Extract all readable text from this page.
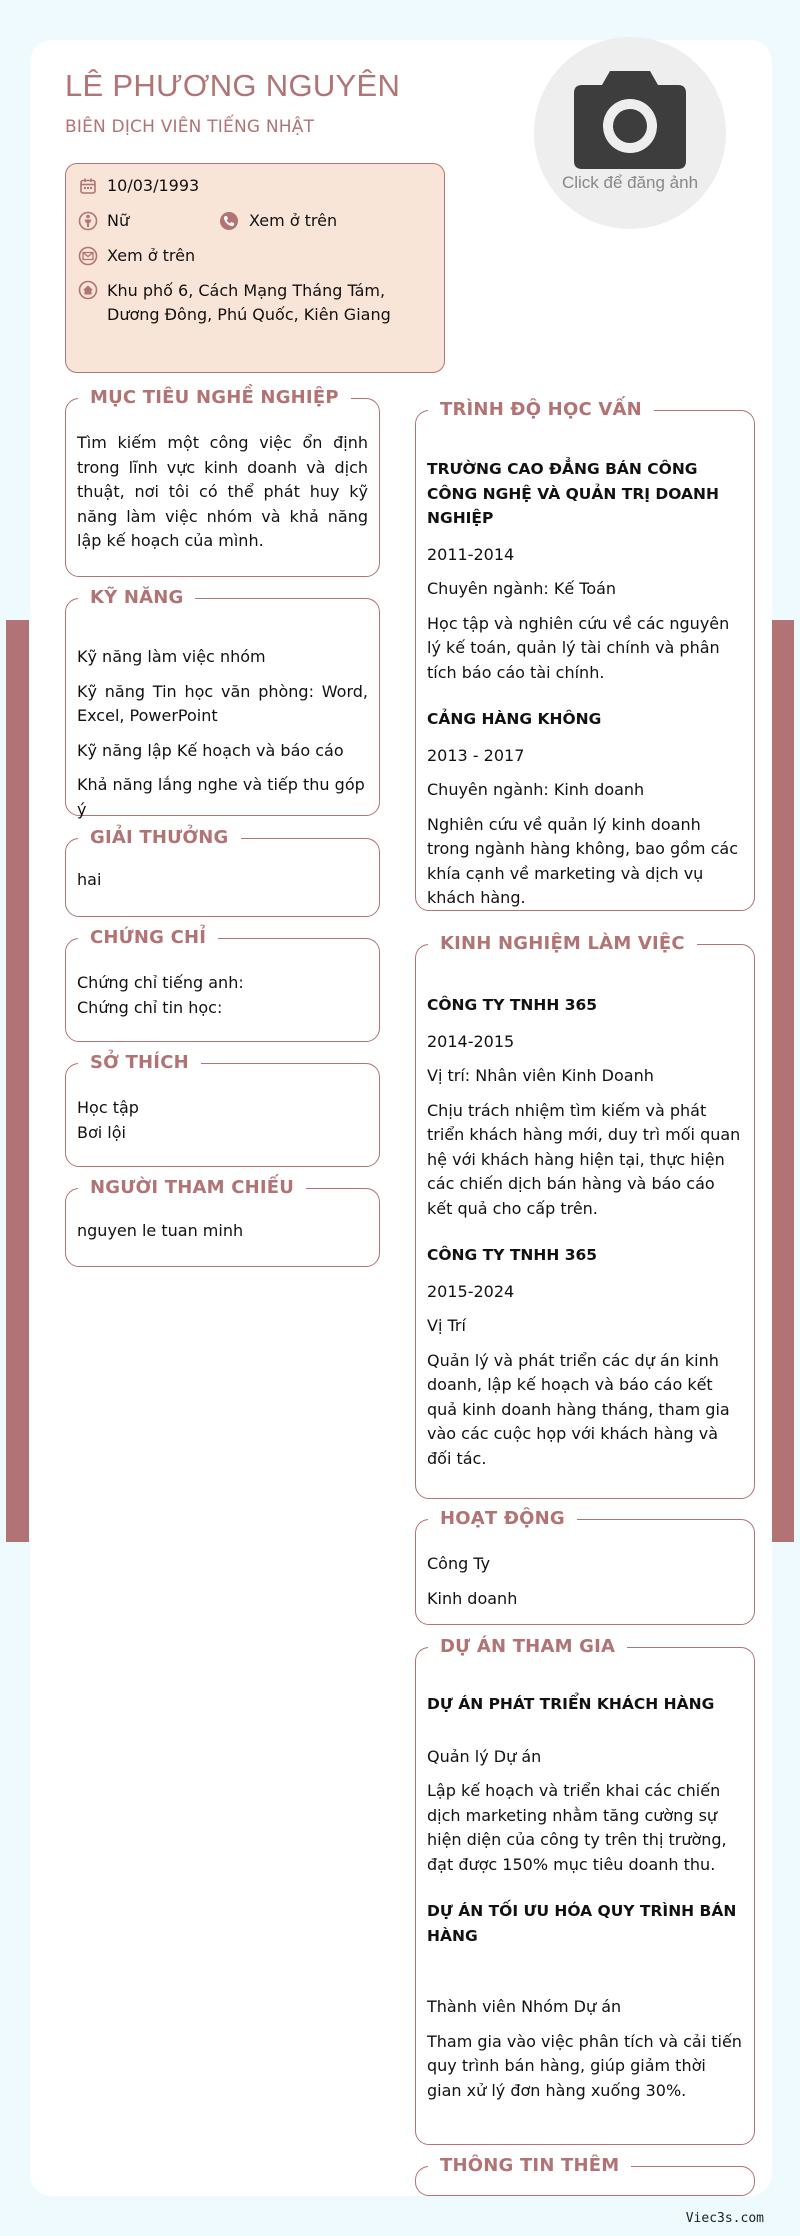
LÊ PHƯƠNG NGUYÊN
BIÊN DỊCH VIÊN TIẾNG NHẬT
Click để đăng ảnh
10/03/1993
Nữ	Xem ở trên
Xem ở trên
Khu phố 6, Cách Mạng Tháng Tám, Dương Đông, Phú Quốc, Kiên Giang
MỤC TIÊU NGHỀ NGHIỆP
Tìm kiếm một công việc ổn định trong lĩnh vực kinh doanh và dịch thuật, nơi tôi có thể phát huy kỹ năng làm việc nhóm và khả năng lập kế hoạch của mình.
KỸ NĂNG

Kỹ năng làm việc nhóm

Kỹ năng Tin học văn phòng: Word, Excel, PowerPoint

Kỹ năng lập Kế hoạch và báo cáo

Khả năng lắng nghe và tiếp thu góp ý

GIẢI THƯỞNG
hai
CHỨNG CHỈ

Chứng chỉ tiếng anh:

Chứng chỉ tin học:

SỞ THÍCH

Học tập

Bơi lội

NGƯỜI THAM CHIẾU
nguyen le tuan minh
TRÌNH ĐỘ HỌC VẤN

TRƯỜNG CAO ĐẲNG BÁN CÔNG CÔNG NGHỆ VÀ QUẢN TRỊ DOANH NGHIỆP

2011-2014

Chuyên ngành: Kế Toán

Học tập và nghiên cứu về các nguyên lý kế toán, quản lý tài chính và phân tích báo cáo tài chính.

CẢNG HÀNG KHÔNG

2013 - 2017

Chuyên ngành: Kinh doanh

Nghiên cứu về quản lý kinh doanh trong ngành hàng không, bao gồm các khía cạnh về marketing và dịch vụ khách hàng.

KINH NGHIỆM LÀM VIỆC

CÔNG TY TNHH 365

2014-2015

Vị trí: Nhân viên Kinh Doanh

Chịu trách nhiệm tìm kiếm và phát triển khách hàng mới, duy trì mối quan hệ với khách hàng hiện tại, thực hiện các chiến dịch bán hàng và báo cáo kết quả cho cấp trên.

CÔNG TY TNHH 365

2015-2024

Vị Trí

Quản lý và phát triển các dự án kinh doanh, lập kế hoạch và báo cáo kết quả kinh doanh hàng tháng, tham gia vào các cuộc họp với khách hàng và đối tác.

HOẠT ĐỘNG

Công Ty

Kinh doanh

DỰ ÁN THAM GIA

DỰ ÁN PHÁT TRIỂN KHÁCH HÀNG

Quản lý Dự án

Lập kế hoạch và triển khai các chiến dịch marketing nhằm tăng cường sự hiện diện của công ty trên thị trường, đạt được 150% mục tiêu doanh thu.

DỰ ÁN TỐI ƯU HÓA QUY TRÌNH BÁN HÀNG

Thành viên Nhóm Dự án

Tham gia vào việc phân tích và cải tiến quy trình bán hàng, giúp giảm thời gian xử lý đơn hàng xuống 30%.

THÔNG TIN THÊM
Viec3s.com
